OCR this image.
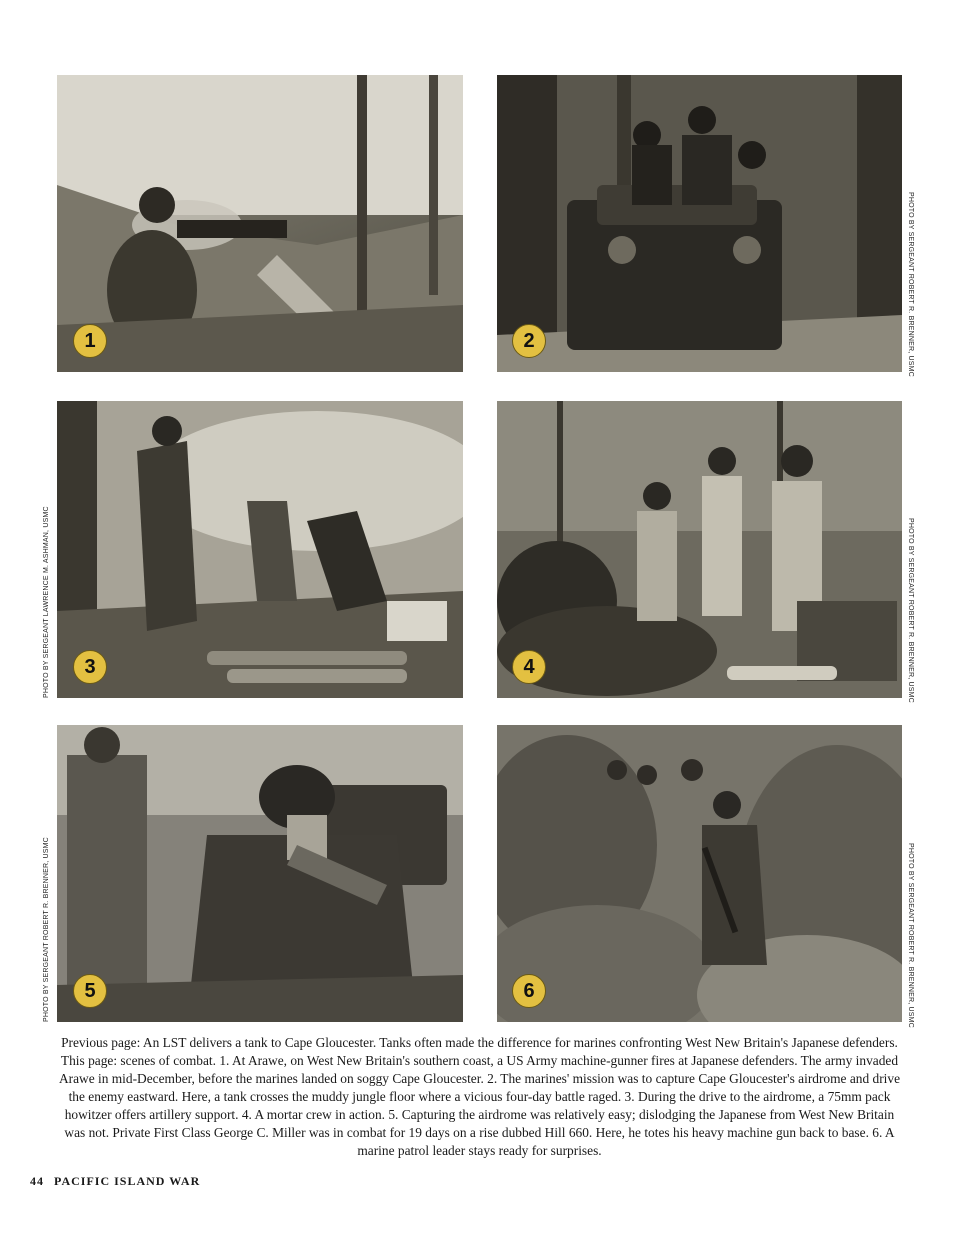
1	2
3	4
5	6
PHOTO BY SERGEANT ROBERT R. BRENNER, USMC
PHOTO BY SERGEANT LAWRENCE M. ASHMAN, USMC	PHOTO BY SERGEANT ROBERT R. BRENNER, USMC
PHOTO BY SERGEANT ROBERT R. BRENNER, USMC	PHOTO BY SERGEANT ROBERT R. BRENNER, USMC

Previous page: An LST delivers a tank to Cape Gloucester. Tanks often made the difference for marines confronting West New Britain's Japanese defenders. This page: scenes of combat. 1. At Arawe, on West New Britain's southern coast, a US Army machine-gunner fires at Japanese defenders. The army invaded Arawe in mid-December, before the marines landed on soggy Cape Gloucester. 2. The marines' mission was to capture Cape Gloucester's airdrome and drive the enemy eastward. Here, a tank crosses the muddy jungle floor where a vicious four-day battle raged. 3. During the drive to the airdrome, a 75mm pack howitzer offers artillery support. 4. A mortar crew in action. 5. Capturing the airdrome was relatively easy; dislodging the Japanese from West New Britain was not. Private First Class George C. Miller was in combat for 19 days on a rise dubbed Hill 660. Here, he totes his heavy machine gun back to base. 6. A marine patrol leader stays ready for surprises.

44 PACIFIC ISLAND WAR
